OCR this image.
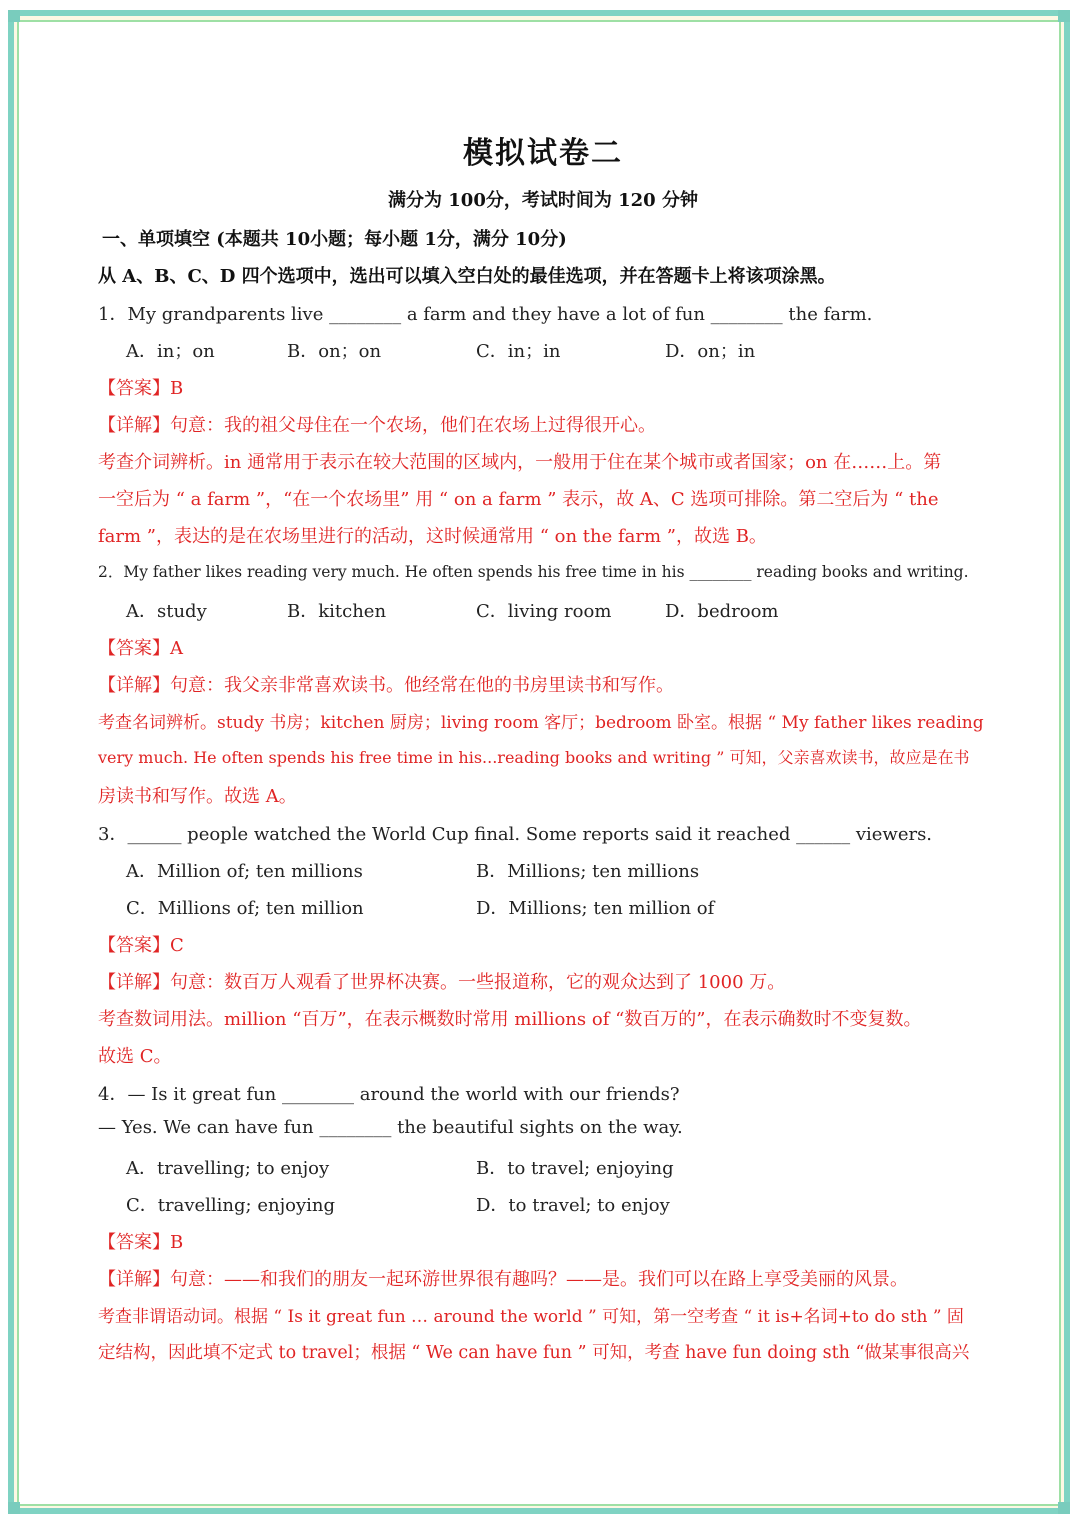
模拟试卷二
满分为 100分，考试时间为 120 分钟
一、单项填空 (本题共 10小题；每小题 1分，满分 10分)
从 A、B、C、D 四个选项中，选出可以填入空白处的最佳选项，并在答题卡上将该项涂黑。
1．My grandparents live ________ a farm and they have a lot of fun ________ the farm.
A．in；on	B．on；on	C．in；in	D．on；in
【答案】B
【详解】句意：我的祖父母住在一个农场，他们在农场上过得很开心。
考查介词辨析。in 通常用于表示在较大范围的区域内，一般用于住在某个城市或者国家；on 在……上。第
一空后为 “ a farm ”，“在一个农场里” 用 “ on a farm ” 表示，故 A、C 选项可排除。第二空后为 “ the
farm ”，表达的是在农场里进行的活动，这时候通常用 “ on the farm ”，故选 B。
2．My father likes reading very much. He often spends his free time in his ________ reading books and writing.
A．study	B．kitchen	C．living room	D．bedroom
【答案】A
【详解】句意：我父亲非常喜欢读书。他经常在他的书房里读书和写作。
考查名词辨析。study 书房；kitchen 厨房；living room 客厅；bedroom 卧室。根据 “ My father likes reading
very much. He often spends his free time in his...reading books and writing ” 可知，父亲喜欢读书，故应是在书
房读书和写作。故选 A。
3．______ people watched the World Cup final. Some reports said it reached ______ viewers.
A．Million of; ten millions	B．Millions; ten millions
C．Millions of; ten million	D．Millions; ten million of
【答案】C
【详解】句意：数百万人观看了世界杯决赛。一些报道称，它的观众达到了 1000 万。
考查数词用法。million “百万”，在表示概数时常用 millions of “数百万的”，在表示确数时不变复数。
故选 C。
4．— Is it great fun ________ around the world with our friends?
— Yes. We can have fun ________ the beautiful sights on the way.
A．travelling; to enjoy	B．to travel; enjoying
C．travelling; enjoying	D．to travel; to enjoy
【答案】B
【详解】句意：——和我们的朋友一起环游世界很有趣吗？——是。我们可以在路上享受美丽的风景。
考查非谓语动词。根据 “ Is it great fun … around the world ” 可知，第一空考查 “ it is+名词+to do sth ” 固
定结构，因此填不定式 to travel；根据 “ We can have fun ” 可知，考查 have fun doing sth “做某事很高兴
